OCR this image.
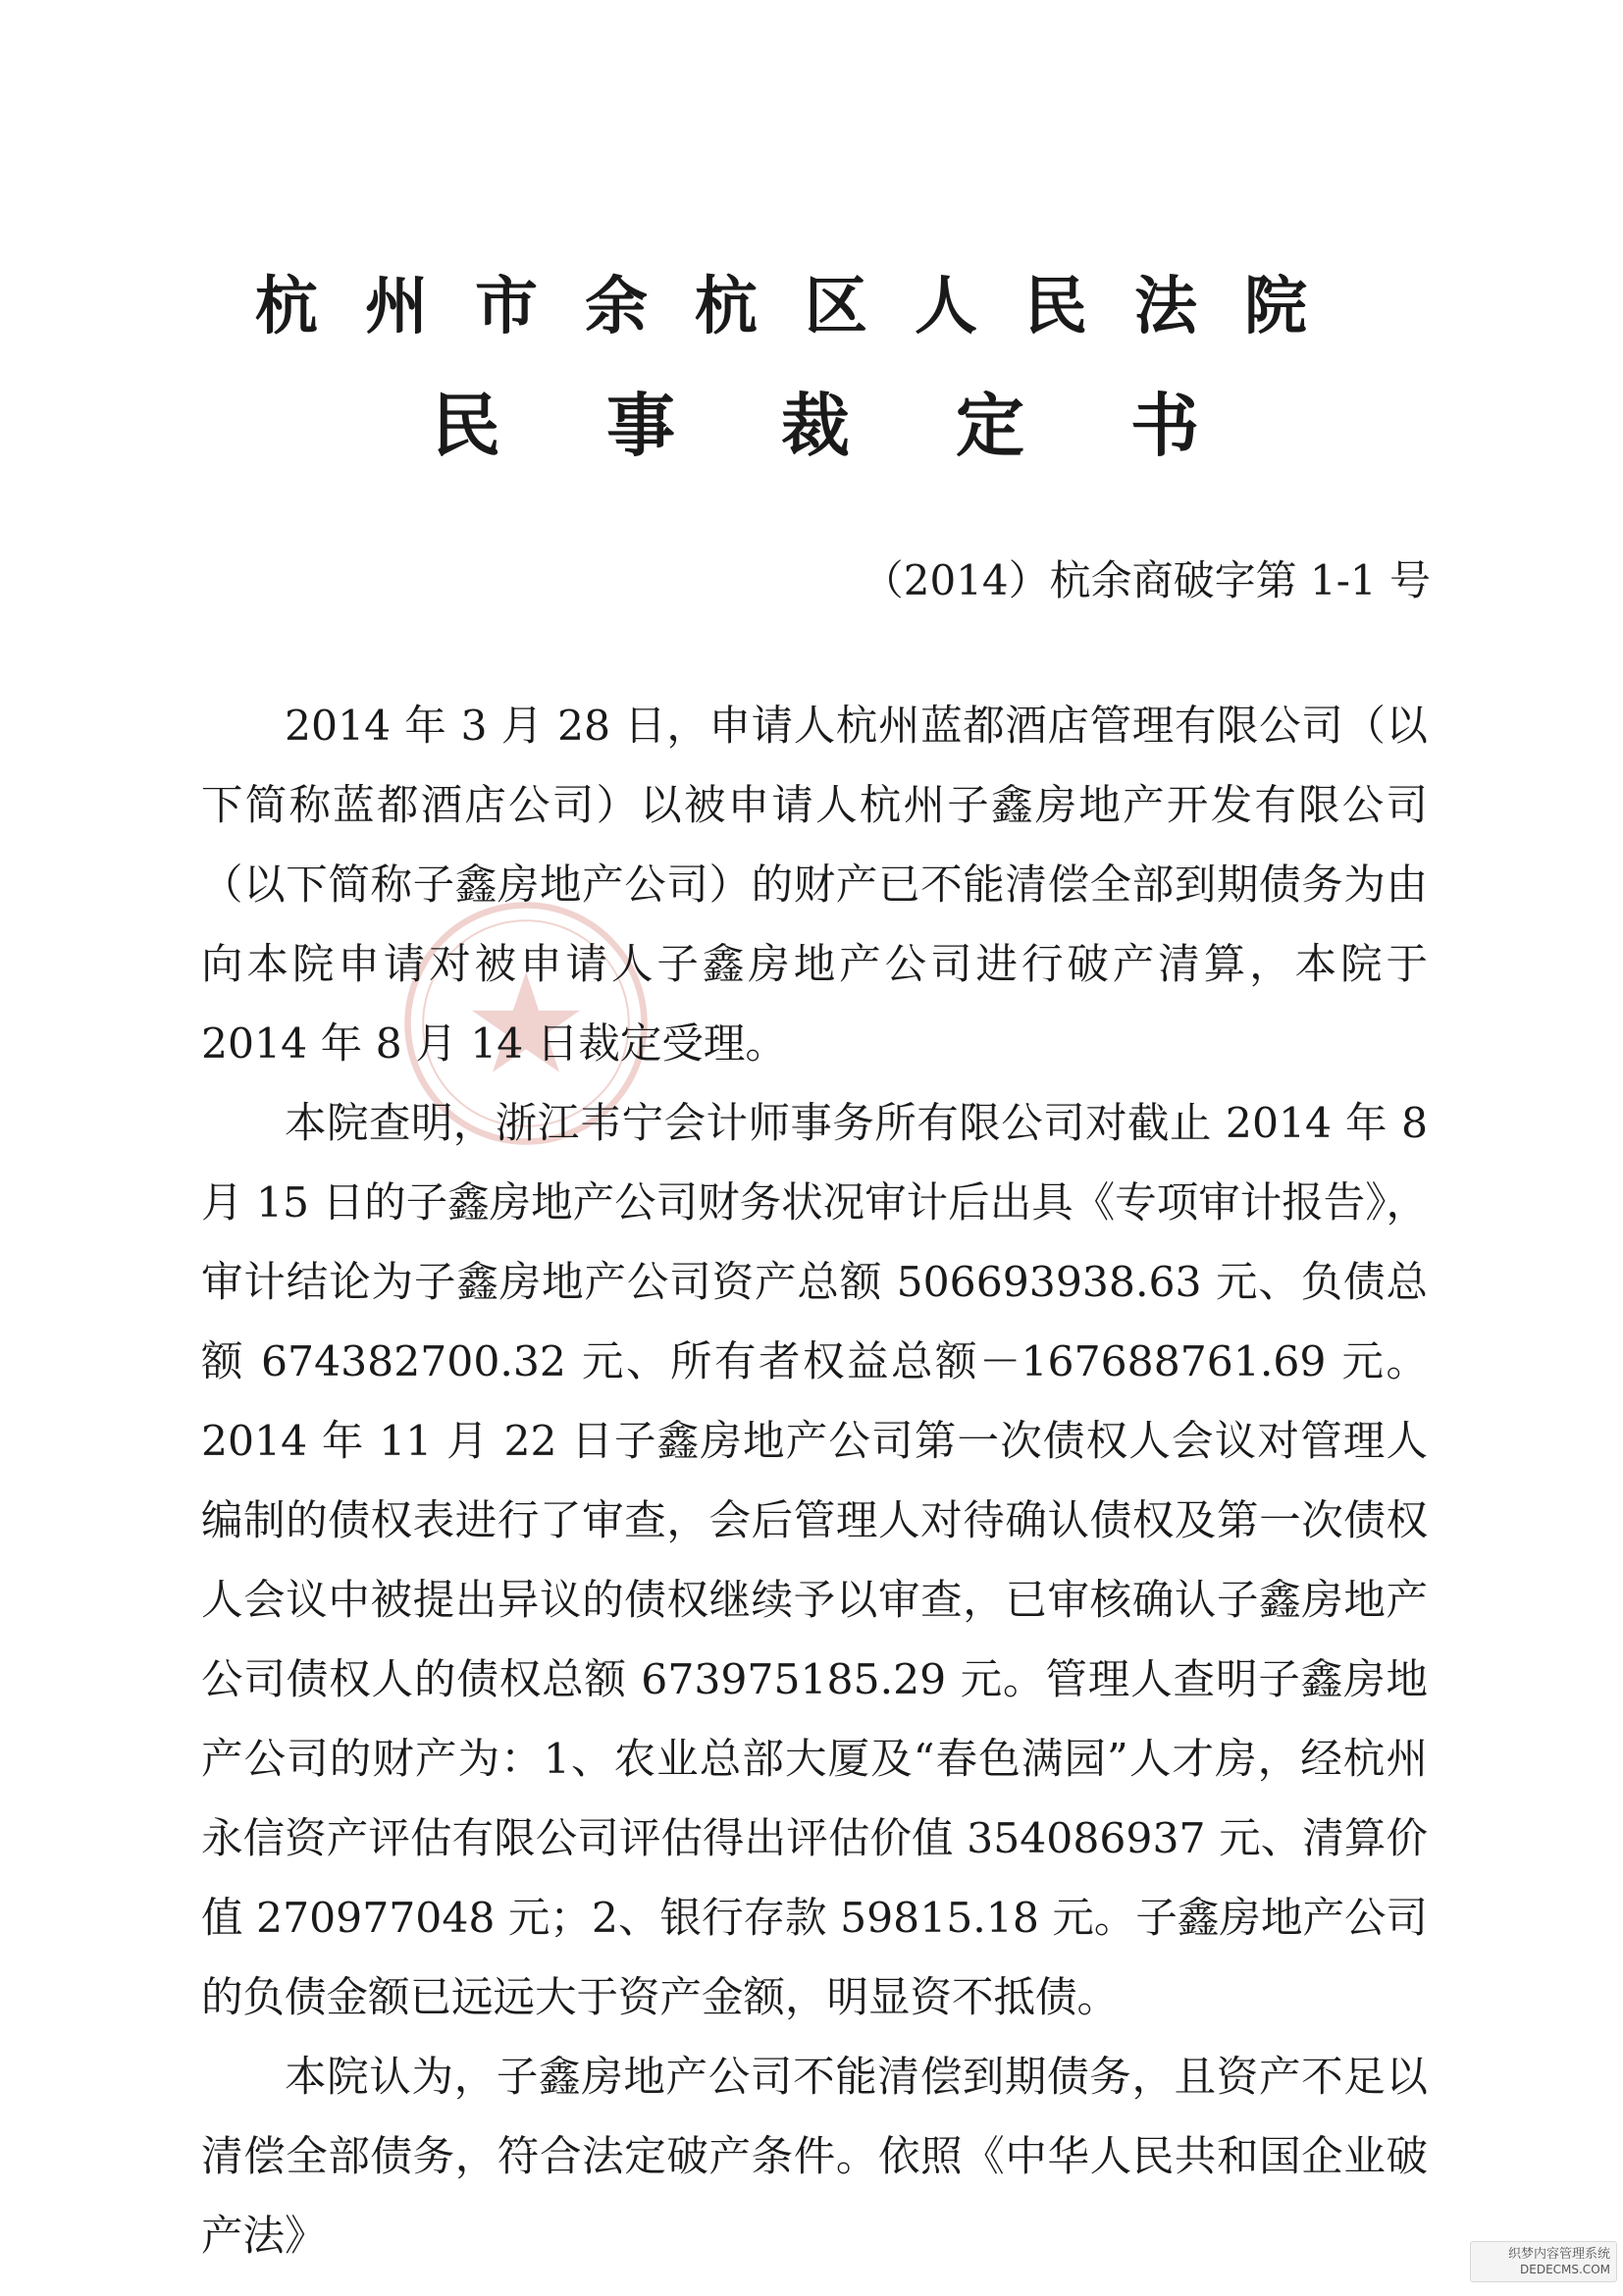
杭州市余杭区人民法院
民事裁定书
（2014）杭余商破字第 1-1 号

2014 年 3 月 28 日，申请人杭州蓝都酒店管理有限公司（以下简称蓝都酒店公司）以被申请人杭州子鑫房地产开发有限公司（以下简称子鑫房地产公司）的财产已不能清偿全部到期债务为由向本院申请对被申请人子鑫房地产公司进行破产清算，本院于 2014 年 8 月 14 日裁定受理。

本院查明，浙江韦宁会计师事务所有限公司对截止 2014 年 8 月 15 日的子鑫房地产公司财务状况审计后出具《专项审计报告》，审计结论为子鑫房地产公司资产总额 506693938.63 元、负债总额 674382700.32 元、所有者权益总额－167688761.69 元。2014 年 11 月 22 日子鑫房地产公司第一次债权人会议对管理人编制的债权表进行了审查，会后管理人对待确认债权及第一次债权人会议中被提出异议的债权继续予以审查，已审核确认子鑫房地产公司债权人的债权总额 673975185.29 元。管理人查明子鑫房地产公司的财产为：1、农业总部大厦及“春色满园”人才房，经杭州永信资产评估有限公司评估得出评估价值 354086937 元、清算价值 270977048 元；2、银行存款 59815.18 元。子鑫房地产公司的负债金额已远远大于资产金额，明显资不抵债。

本院认为，子鑫房地产公司不能清偿到期债务，且资产不足以清偿全部债务，符合法定破产条件。依照《中华人民共和国企业破产法》	织梦内容管理系统
DEDECMS.COM
